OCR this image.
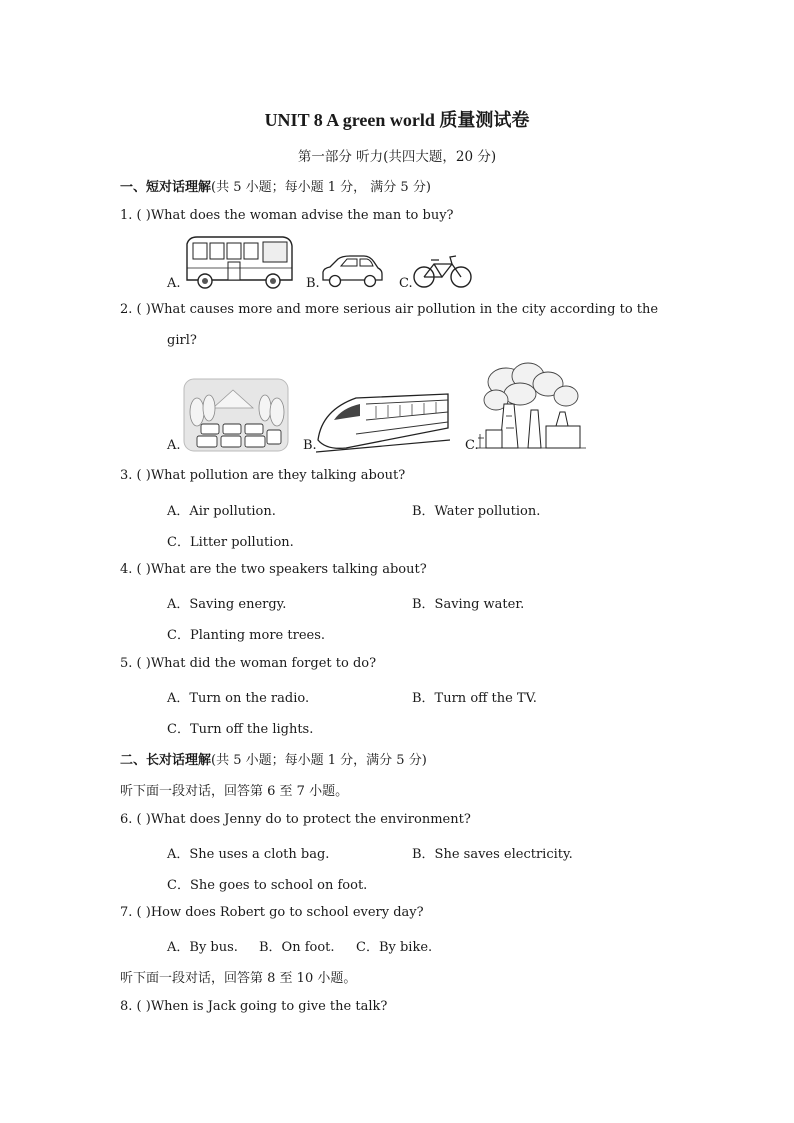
UNIT 8 A green world 质量测试卷
第一部分 听力(共四大题，20 分)
一、短对话理解(共 5 小题；每小题 1 分， 满分 5 分)
1. ( )What does the woman advise the man to buy?
A.	B.	C.
2. ( )What causes more and more serious air pollution in the city according to the
girl?
A.	B.	C.
3. ( )What pollution are they talking about?
A．Air pollution.	B．Water pollution.
C．Litter pollution.
4. ( )What are the two speakers talking about?
A．Saving energy.	B．Saving water.
C．Planting more trees.
5. ( )What did the woman forget to do?
A．Turn on the radio.	B．Turn off the TV.
C．Turn off the lights.
二、长对话理解(共 5 小题；每小题 1 分，满分 5 分)
听下面一段对话，回答第 6 至 7 小题。
6. ( )What does Jenny do to protect the environment?
A．She uses a cloth bag.	B．She saves electricity.
C．She goes to school on foot.
7. ( )How does Robert go to school every day?
A．By bus. B．On foot. C．By bike.
听下面一段对话，回答第 8 至 10 小题。
8. ( )When is Jack going to give the talk?
